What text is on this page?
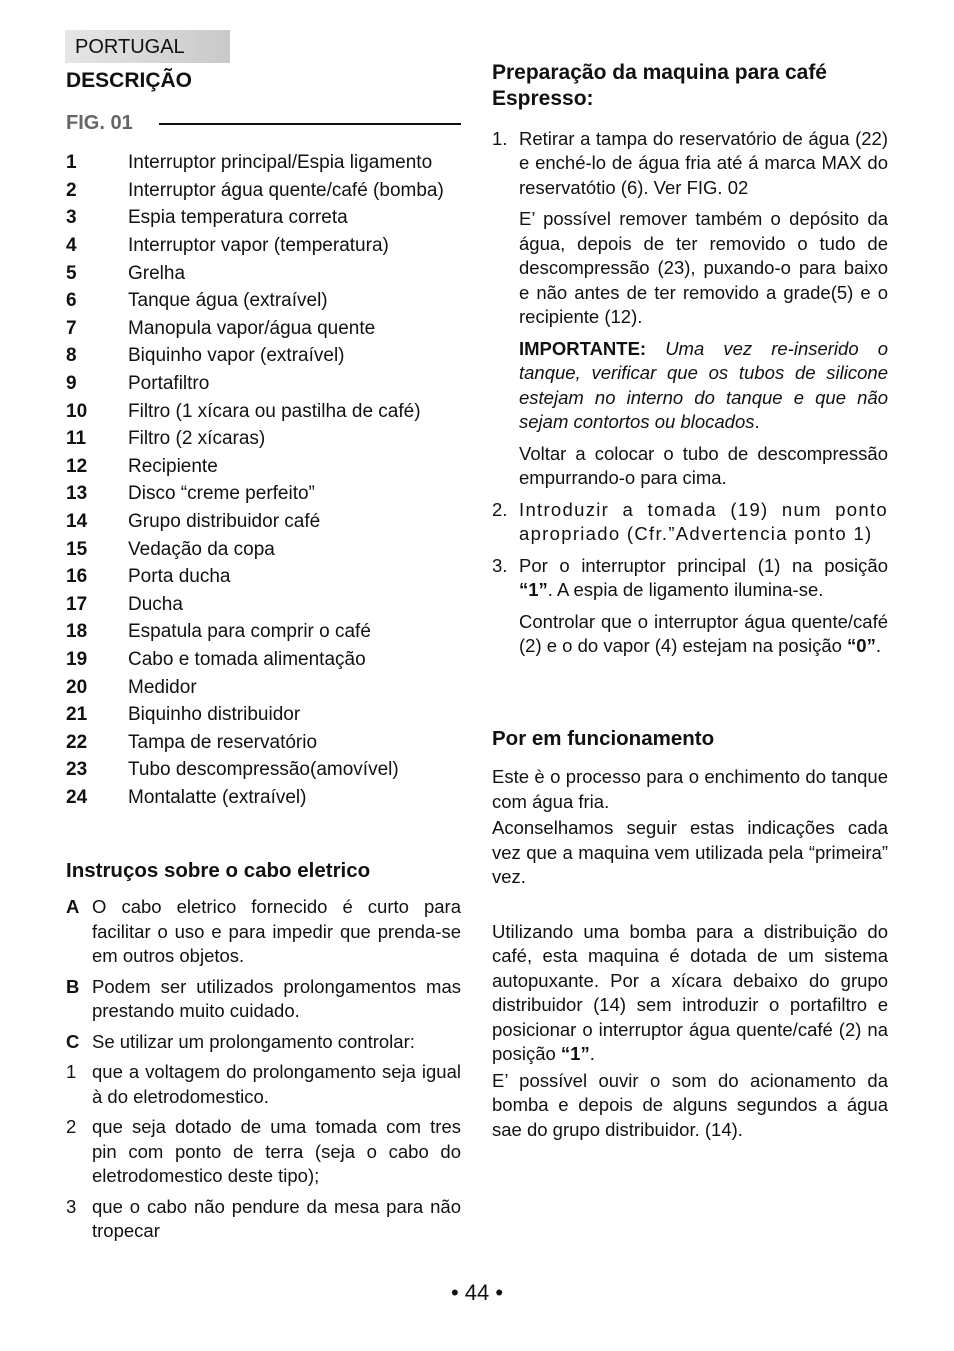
PORTUGAL
DESCRIÇÃO
FIG. 01
1	Interruptor principal/Espia ligamento
2	Interruptor água quente/café (bomba)
3	Espia temperatura correta
4	Interruptor vapor (temperatura)
5	Grelha
6	Tanque água (extraível)
7	Manopula vapor/água quente
8	Biquinho vapor (extraível)
9	Portafiltro
10	Filtro (1 xícara ou pastilha de café)
11	Filtro (2 xícaras)
12	Recipiente
13	Disco “creme perfeito”
14	Grupo distribuidor café
15	Vedação da copa
16	Porta ducha
17	Ducha
18	Espatula para comprir o café
19	Cabo e tomada alimentação
20	Medidor
21	Biquinho distribuidor
22	Tampa de reservatório
23	Tubo descompressão(amovível)
24	Montalatte (extraível)
Instruços sobre o cabo eletrico
A O cabo eletrico fornecido é curto para facilitar o uso e para impedir que prenda-se em outros objetos.
B Podem ser utilizados prolongamentos mas prestando muito cuidado.
C Se utilizar um prolongamento controlar:
1 que a voltagem do prolongamento seja igual à do eletrodomestico.
2 que seja dotado de uma tomada com tres pin com ponto de terra (seja o cabo do eletrodomestico deste tipo);
3 que o cabo não pendure da mesa para não tropecar
Preparação da maquina para café Espresso:
1. Retirar a tampa do reservatório de água (22) e enché-lo de água fria até á marca MAX do reservatótio (6). Ver FIG. 02

E’ possível remover também o depósito da água, depois de ter removido o tudo de descompressão (23), puxando-o para baixo e não antes de ter removido a grade(5) e o recipiente (12).

IMPORTANTE: Uma vez re-inserido o tanque, verificar que os tubos de silicone estejam no interno do tanque e que não sejam contortos ou blocados.

Voltar a colocar o tubo de descompressão empurrando-o para cima.

2. Introduzir a tomada (19) num ponto apropriado (Cfr.”Advertencia ponto 1)

3. Por o interruptor principal (1) na posição “1”. A espia de ligamento ilumina-se.

Controlar que o interruptor água quente/café (2) e o do vapor (4) estejam na posição “0”.

Por em funcionamento

Este è o processo para o enchimento do tanque com água fria.

Aconselhamos seguir estas indicações cada vez que a maquina vem utilizada pela “primeira” vez.

Utilizando uma bomba para a distribuição do café, esta maquina é dotada de um sistema autopuxante. Por a xícara debaixo do grupo distribuidor (14) sem introduzir o portafiltro e posicionar o interruptor água quente/café (2) na posição “1”.

E’ possível ouvir o som do acionamento da bomba e depois de alguns segundos a água sae do grupo distribuidor. (14).

• 44 •
